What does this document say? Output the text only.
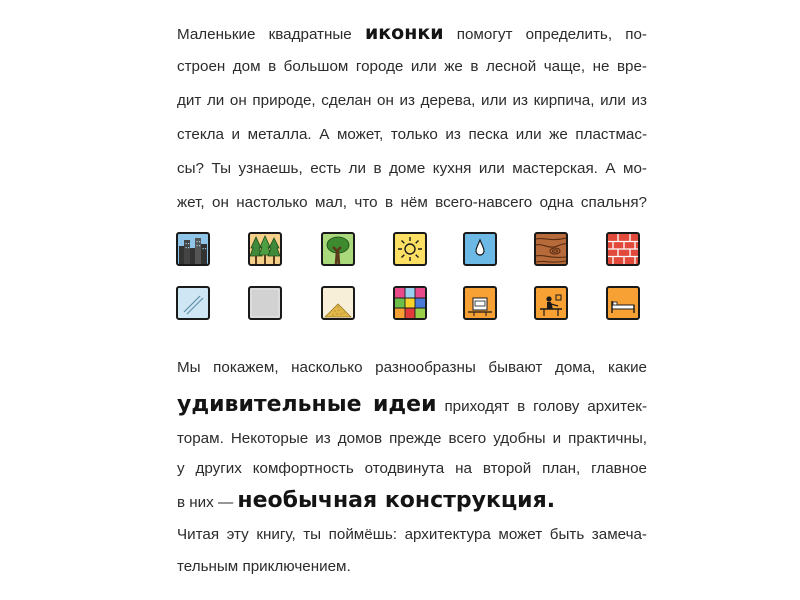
Маленькие квадратные иконки помогут определить, по-
строен дом в большом городе или же в лесной чаще, не вре-
дит ли он природе, сделан он из дерева, или из кирпича, или из
стекла и металла. А может, только из песка или же пластмас-
сы? Ты узнаешь, есть ли в доме кухня или мастерская. А мо-
жет, он настолько мал, что в нём всего-навсего одна спальня?
Мы покажем, насколько разнообразны бывают дома, какие
удивительные идеи приходят в голову архитек-
торам. Некоторые из домов прежде всего удобны и практичны,
у других комфортность отодвинута на второй план, главное
в них — необычная конструкция.
Читая эту книгу, ты поймёшь: архитектура может быть замеча-
тельным приключением.
